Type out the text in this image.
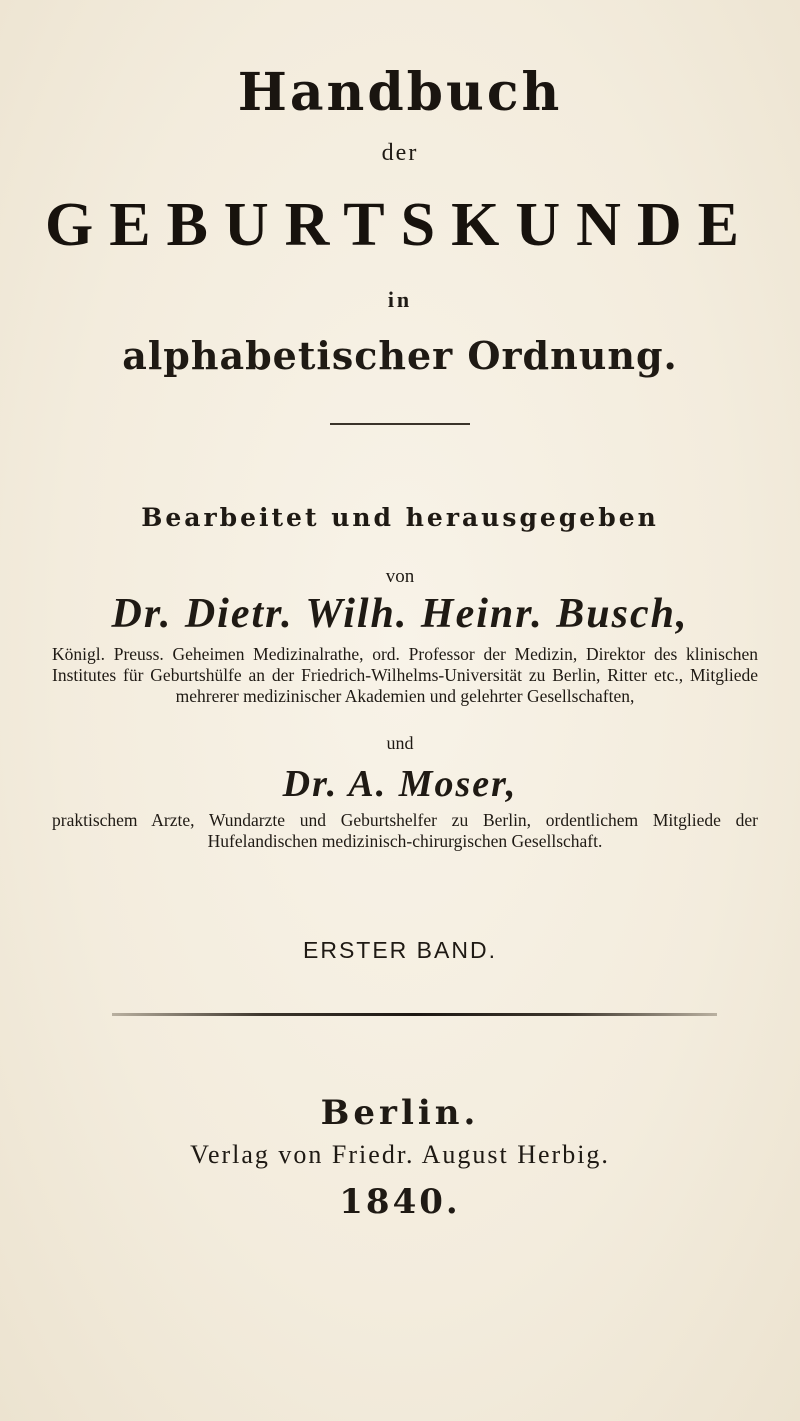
Handbuch
der
GEBURTSKUNDE
in
alphabetischer Ordnung.
Bearbeitet und herausgegeben
von
Dr. Dietr. Wilh. Heinr. Busch,
Königl. Preuss. Geheimen Medizinalrathe, ord. Professor der Medizin, Direktor des klinischen Institutes für Geburtshülfe an der Friedrich-Wilhelms-Universität zu Berlin, Ritter etc., Mitgliede mehrerer medizinischer Akademien und gelehrter Gesellschaften,
und
Dr. A. Moser,
praktischem Arzte, Wundarzte und Geburtshelfer zu Berlin, ordentlichem Mitgliede der Hufelandischen medizinisch-chirurgischen Gesellschaft.
ERSTER BAND.
Berlin.
Verlag von Friedr. August Herbig.
1840.
